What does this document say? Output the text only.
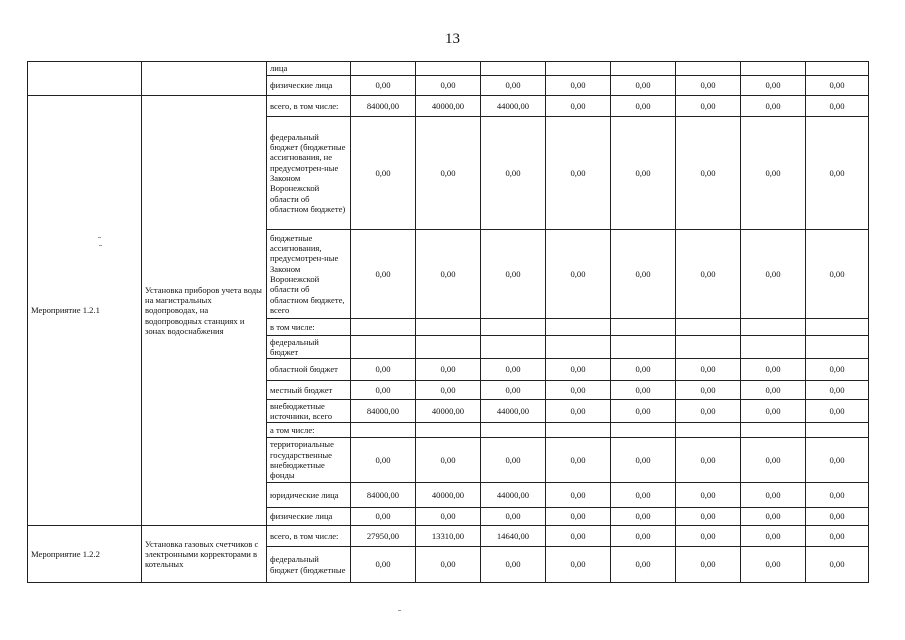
13
		лица								
		физические лица	0,00	0,00	0,00	0,00	0,00	0,00	0,00	0,00
Мероприятие 1.2.1	Установка приборов учета воды на магистральных водопроводах, на водопроводных станциях и зонах водоснабжения	всего, в том числе:	84000,00	40000,00	44000,00	0,00	0,00	0,00	0,00	0,00
		федеральный бюджет (бюджетные ассигнования, не предусмотрен-ные Законом Воронежской области об областном бюджете)	0,00	0,00	0,00	0,00	0,00	0,00	0,00	0,00
		бюджетные ассигнования, предусмотрен-ные Законом Воронежской области об областном бюджете, всего	0,00	0,00	0,00	0,00	0,00	0,00	0,00	0,00
		в том числе:								
		федеральный бюджет								
		областной бюджет	0,00	0,00	0,00	0,00	0,00	0,00	0,00	0,00
		местный бюджет	0,00	0,00	0,00	0,00	0,00	0,00	0,00	0,00
		внебюджетные источники, всего	84000,00	40000,00	44000,00	0,00	0,00	0,00	0,00	0,00
		а том числе:								
		территориальные государственные внебюджетные фонды	0,00	0,00	0,00	0,00	0,00	0,00	0,00	0,00
		юридические лица	84000,00	40000,00	44000,00	0,00	0,00	0,00	0,00	0,00
		физические лица	0,00	0,00	0,00	0,00	0,00	0,00	0,00	0,00
Мероприятие 1.2.2	Установка газовых счетчиков с электронными корректорами в котельных	всего, в том числе:	27950,00	13310,00	14640,00	0,00	0,00	0,00	0,00	0,00
		федеральный бюджет (бюджетные	0,00	0,00	0,00	0,00	0,00	0,00	0,00	0,00
